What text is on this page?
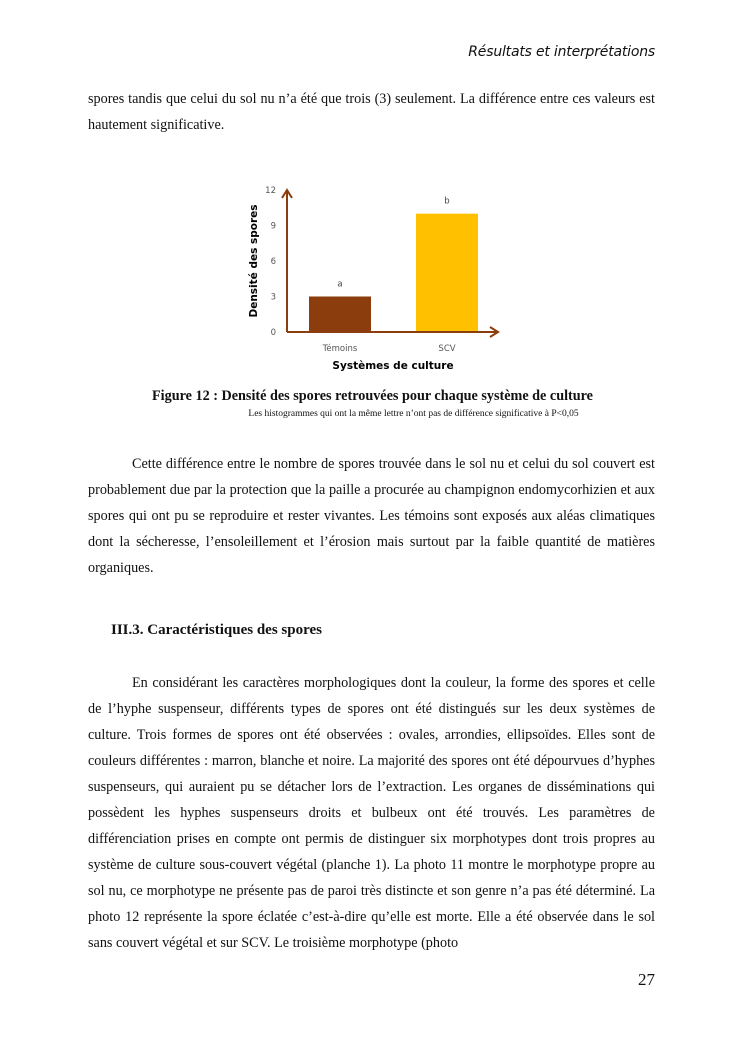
Résultats et interprétations

spores tandis que celui du sol nu n’a été que trois (3) seulement. La différence entre ces valeurs est hautement significative.

0
3
6
9
12
a
b
Témoins	SCV
Systèmes de culture
Densité des spores
Figure 12 : Densité des spores retrouvées pour chaque système de culture
Les histogrammes qui ont la même lettre n’ont pas de différence significative à P<0,05

Cette différence entre le nombre de spores trouvée dans le sol nu et celui du sol couvert est probablement due par la protection que la paille a procurée au champignon endomycorhizien et aux spores qui ont pu se reproduire et rester vivantes. Les témoins sont exposés aux aléas climatiques dont la sécheresse, l’ensoleillement et l’érosion mais surtout par la faible quantité de matières organiques.

III.3. Caractéristiques des spores

En considérant les caractères morphologiques dont la couleur, la forme des spores et celle de l’hyphe suspenseur, différents types de spores ont été distingués sur les deux systèmes de culture. Trois formes de spores ont été observées : ovales, arrondies, ellipsoïdes. Elles sont de couleurs différentes : marron, blanche et noire. La majorité des spores ont été dépourvues d’hyphes suspenseurs, qui auraient pu se détacher lors de l’extraction. Les organes de disséminations qui possèdent les hyphes suspenseurs droits et bulbeux ont été trouvés. Les paramètres de différenciation prises en compte ont permis de distinguer six morphotypes dont trois propres au système de culture sous-couvert végétal (planche 1). La photo 11 montre le morphotype propre au sol nu, ce morphotype ne présente pas de paroi très distincte et son genre n’a pas été déterminé. La photo 12 représente la spore éclatée c’est-à-dire qu’elle est morte. Elle a été observée dans le sol sans couvert végétal et sur SCV. Le troisième morphotype (photo

27
